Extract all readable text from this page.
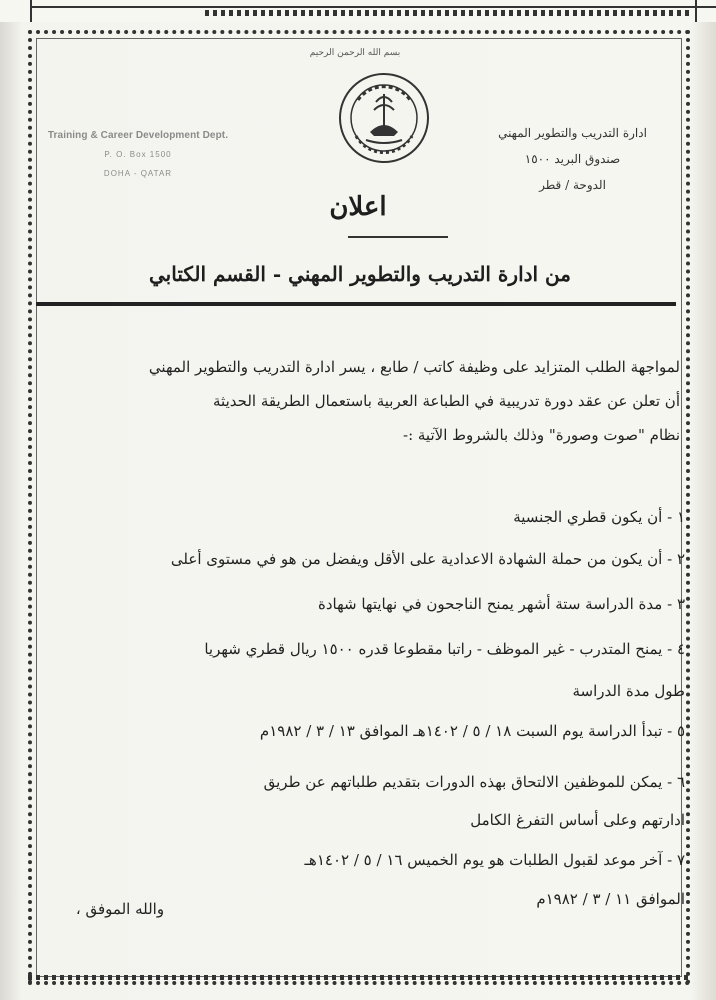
بسم الله الرحمن الرحيم
Training & Career Development Dept.
P. O. Box 1500
DOHA - QATAR
ادارة التدريب والتطوير المهني
صندوق البريد ١٥٠٠
الدوحة / قطر
اعلان
من ادارة التدريب والتطوير المهني - القسم الكتابي
لمواجهة الطلب المتزايد على وظيفة كاتب / طابع ، يسر ادارة التدريب والتطوير المهني
أن تعلن عن عقد دورة تدريبية في الطباعة العربية باستعمال الطريقة الحديثة
نظام "صوت وصورة" وذلك بالشروط الآتية :-
١ - أن يكون قطري الجنسية
٢ - أن يكون من حملة الشهادة الاعدادية على الأقل ويفضل من هو في مستوى أعلى
٣ - مدة الدراسة ستة أشهر يمنح الناجحون في نهايتها شهادة
٤ - يمنح المتدرب - غير الموظف - راتبا مقطوعا قدره ١٥٠٠ ريال قطري شهريا
طول مدة الدراسة
٥ - تبدأ الدراسة يوم السبت ١٨ / ٥ / ١٤٠٢هـ الموافق ١٣ / ٣ / ١٩٨٢م
٦ - يمكن للموظفين الالتحاق بهذه الدورات بتقديم طلباتهم عن طريق
ادارتهم وعلى أساس التفرغ الكامل
٧ - آخر موعد لقبول الطلبات هو يوم الخميس ١٦ / ٥ / ١٤٠٢هـ
الموافق ١١ / ٣ / ١٩٨٢م
والله الموفق ،
